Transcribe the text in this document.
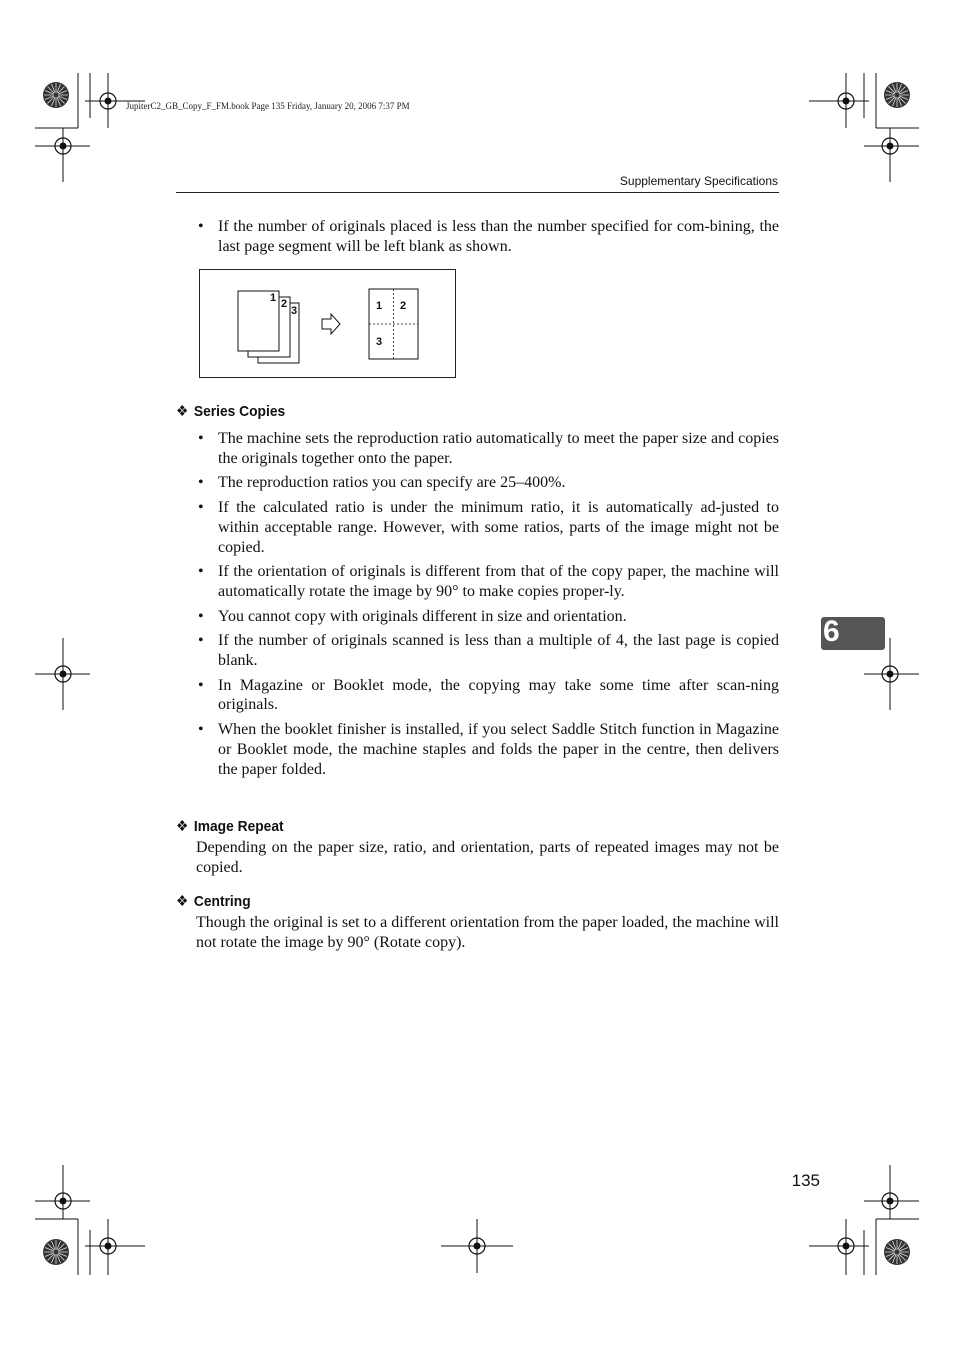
JupiterC2_GB_Copy_F_FM.book Page 135 Friday, January 20, 2006 7:37 PM
Supplementary Specifications
• If the number of originals placed is less than the number specified for com-bining, the last page segment will be left blank as shown.
1 2
3	1 2
3
❖ Series Copies
• The machine sets the reproduction ratio automatically to meet the paper size and copies the originals together onto the paper.
• The reproduction ratios you can specify are 25–400%.
• If the calculated ratio is under the minimum ratio, it is automatically ad-justed to within acceptable range. However, with some ratios, parts of the image might not be copied.
• If the orientation of originals is different from that of the copy paper, the machine will automatically rotate the image by 90° to make copies proper-ly.
• You cannot copy with originals different in size and orientation.
• If the number of originals scanned is less than a multiple of 4, the last page is copied blank.
• In Magazine or Booklet mode, the copying may take some time after scan-ning originals.
• When the booklet finisher is installed, if you select Saddle Stitch function in Magazine or Booklet mode, the machine staples and folds the paper in the centre, then delivers the paper folded.
❖ Image Repeat
Depending on the paper size, ratio, and orientation, parts of repeated images may not be copied.
❖ Centring
Though the original is set to a different orientation from the paper loaded, the machine will not rotate the image by 90° (Rotate copy).
6
135
